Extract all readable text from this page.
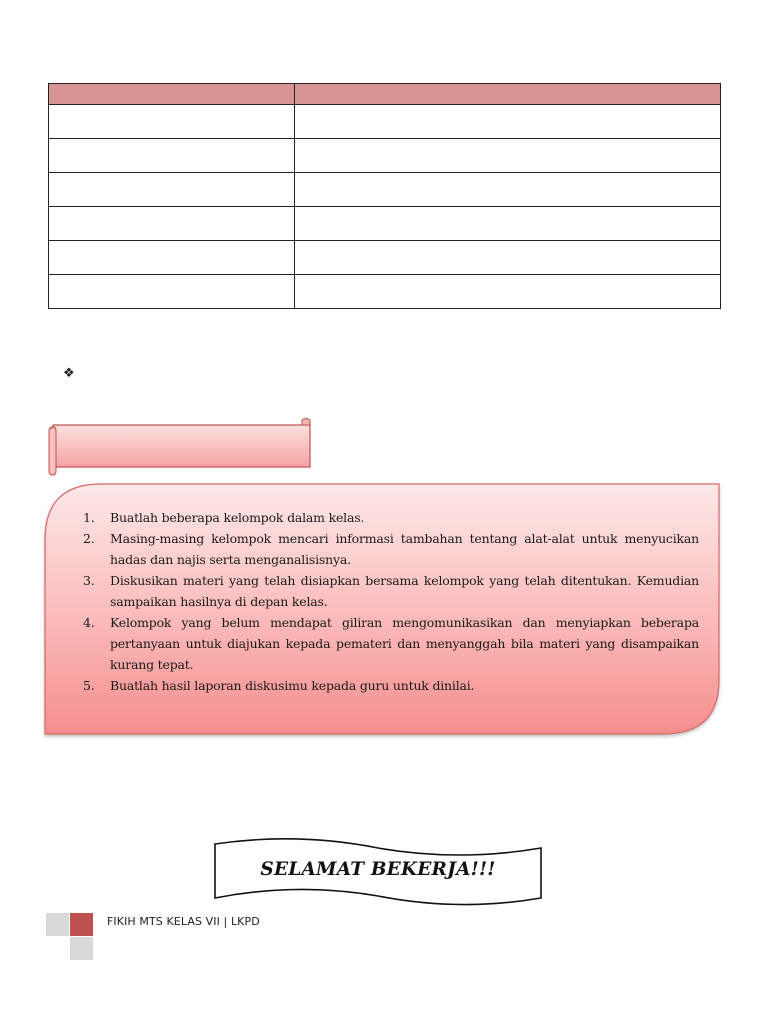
❖
1. Buatlah beberapa kelompok dalam kelas.
2. Masing-masing kelompok mencari informasi tambahan tentang alat-alat untuk menyucikan hadas dan najis serta menganalisisnya.
3. Diskusikan materi yang telah disiapkan bersama kelompok yang telah ditentukan. Kemudian sampaikan hasilnya di depan kelas.
4. Kelompok yang belum mendapat giliran mengomunikasikan dan menyiapkan beberapa pertanyaan untuk diajukan kepada pemateri dan menyanggah bila materi yang disampaikan kurang tepat.
5. Buatlah hasil laporan diskusimu kepada guru untuk dinilai.
SELAMAT BEKERJA!!!
FIKIH MTS KELAS VII | LKPD
